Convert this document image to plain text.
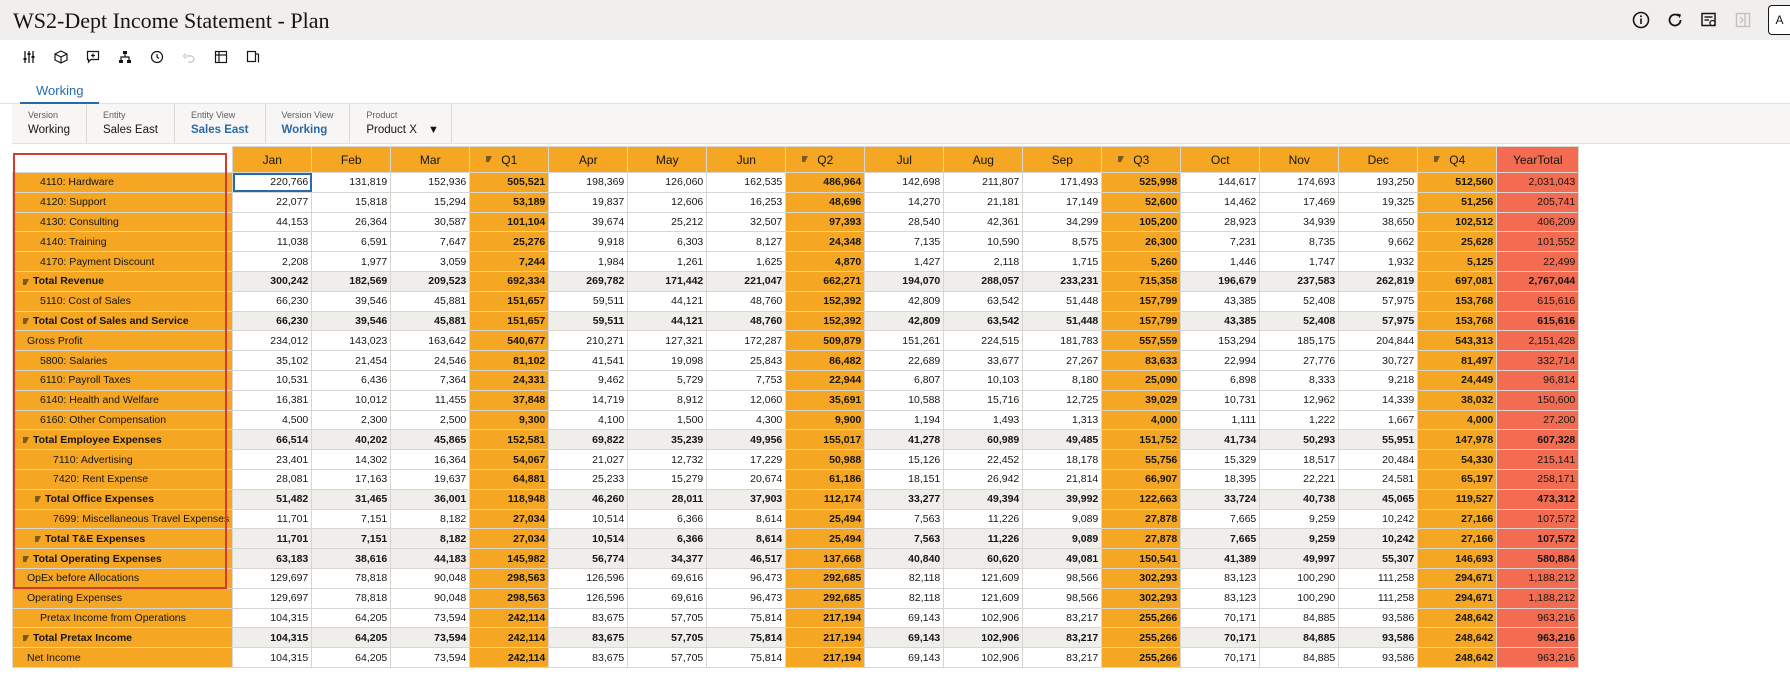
WS2-Dept Income Statement - Plan	A
Working
Version
Working
Entity
Sales East
Entity View
Sales East
Version View
Working
Product
Product X ▼
	Jan	Feb	Mar	Q1	Apr	May	Jun	Q2	Jul	Aug	Sep	Q3	Oct	Nov	Dec	Q4	YearTotal
4110: Hardware	220,766	131,819	152,936	505,521	198,369	126,060	162,535	486,964	142,698	211,807	171,493	525,998	144,617	174,693	193,250	512,560	2,031,043
4120: Support	22,077	15,818	15,294	53,189	19,837	12,606	16,253	48,696	14,270	21,181	17,149	52,600	14,462	17,469	19,325	51,256	205,741
4130: Consulting	44,153	26,364	30,587	101,104	39,674	25,212	32,507	97,393	28,540	42,361	34,299	105,200	28,923	34,939	38,650	102,512	406,209
4140: Training	11,038	6,591	7,647	25,276	9,918	6,303	8,127	24,348	7,135	10,590	8,575	26,300	7,231	8,735	9,662	25,628	101,552
4170: Payment Discount	2,208	1,977	3,059	7,244	1,984	1,261	1,625	4,870	1,427	2,118	1,715	5,260	1,446	1,747	1,932	5,125	22,499
Total Revenue	300,242	182,569	209,523	692,334	269,782	171,442	221,047	662,271	194,070	288,057	233,231	715,358	196,679	237,583	262,819	697,081	2,767,044
5110: Cost of Sales	66,230	39,546	45,881	151,657	59,511	44,121	48,760	152,392	42,809	63,542	51,448	157,799	43,385	52,408	57,975	153,768	615,616
Total Cost of Sales and Service	66,230	39,546	45,881	151,657	59,511	44,121	48,760	152,392	42,809	63,542	51,448	157,799	43,385	52,408	57,975	153,768	615,616
Gross Profit	234,012	143,023	163,642	540,677	210,271	127,321	172,287	509,879	151,261	224,515	181,783	557,559	153,294	185,175	204,844	543,313	2,151,428
5800: Salaries	35,102	21,454	24,546	81,102	41,541	19,098	25,843	86,482	22,689	33,677	27,267	83,633	22,994	27,776	30,727	81,497	332,714
6110: Payroll Taxes	10,531	6,436	7,364	24,331	9,462	5,729	7,753	22,944	6,807	10,103	8,180	25,090	6,898	8,333	9,218	24,449	96,814
6140: Health and Welfare	16,381	10,012	11,455	37,848	14,719	8,912	12,060	35,691	10,588	15,716	12,725	39,029	10,731	12,962	14,339	38,032	150,600
6160: Other Compensation	4,500	2,300	2,500	9,300	4,100	1,500	4,300	9,900	1,194	1,493	1,313	4,000	1,111	1,222	1,667	4,000	27,200
Total Employee Expenses	66,514	40,202	45,865	152,581	69,822	35,239	49,956	155,017	41,278	60,989	49,485	151,752	41,734	50,293	55,951	147,978	607,328
7110: Advertising	23,401	14,302	16,364	54,067	21,027	12,732	17,229	50,988	15,126	22,452	18,178	55,756	15,329	18,517	20,484	54,330	215,141
7420: Rent Expense	28,081	17,163	19,637	64,881	25,233	15,279	20,674	61,186	18,151	26,942	21,814	66,907	18,395	22,221	24,581	65,197	258,171
Total Office Expenses	51,482	31,465	36,001	118,948	46,260	28,011	37,903	112,174	33,277	49,394	39,992	122,663	33,724	40,738	45,065	119,527	473,312
7699: Miscellaneous Travel Expenses	11,701	7,151	8,182	27,034	10,514	6,366	8,614	25,494	7,563	11,226	9,089	27,878	7,665	9,259	10,242	27,166	107,572
Total T&E Expenses	11,701	7,151	8,182	27,034	10,514	6,366	8,614	25,494	7,563	11,226	9,089	27,878	7,665	9,259	10,242	27,166	107,572
Total Operating Expenses	63,183	38,616	44,183	145,982	56,774	34,377	46,517	137,668	40,840	60,620	49,081	150,541	41,389	49,997	55,307	146,693	580,884
OpEx before Allocations	129,697	78,818	90,048	298,563	126,596	69,616	96,473	292,685	82,118	121,609	98,566	302,293	83,123	100,290	111,258	294,671	1,188,212
Operating Expenses	129,697	78,818	90,048	298,563	126,596	69,616	96,473	292,685	82,118	121,609	98,566	302,293	83,123	100,290	111,258	294,671	1,188,212
Pretax Income from Operations	104,315	64,205	73,594	242,114	83,675	57,705	75,814	217,194	69,143	102,906	83,217	255,266	70,171	84,885	93,586	248,642	963,216
Total Pretax Income	104,315	64,205	73,594	242,114	83,675	57,705	75,814	217,194	69,143	102,906	83,217	255,266	70,171	84,885	93,586	248,642	963,216
Net Income	104,315	64,205	73,594	242,114	83,675	57,705	75,814	217,194	69,143	102,906	83,217	255,266	70,171	84,885	93,586	248,642	963,216
